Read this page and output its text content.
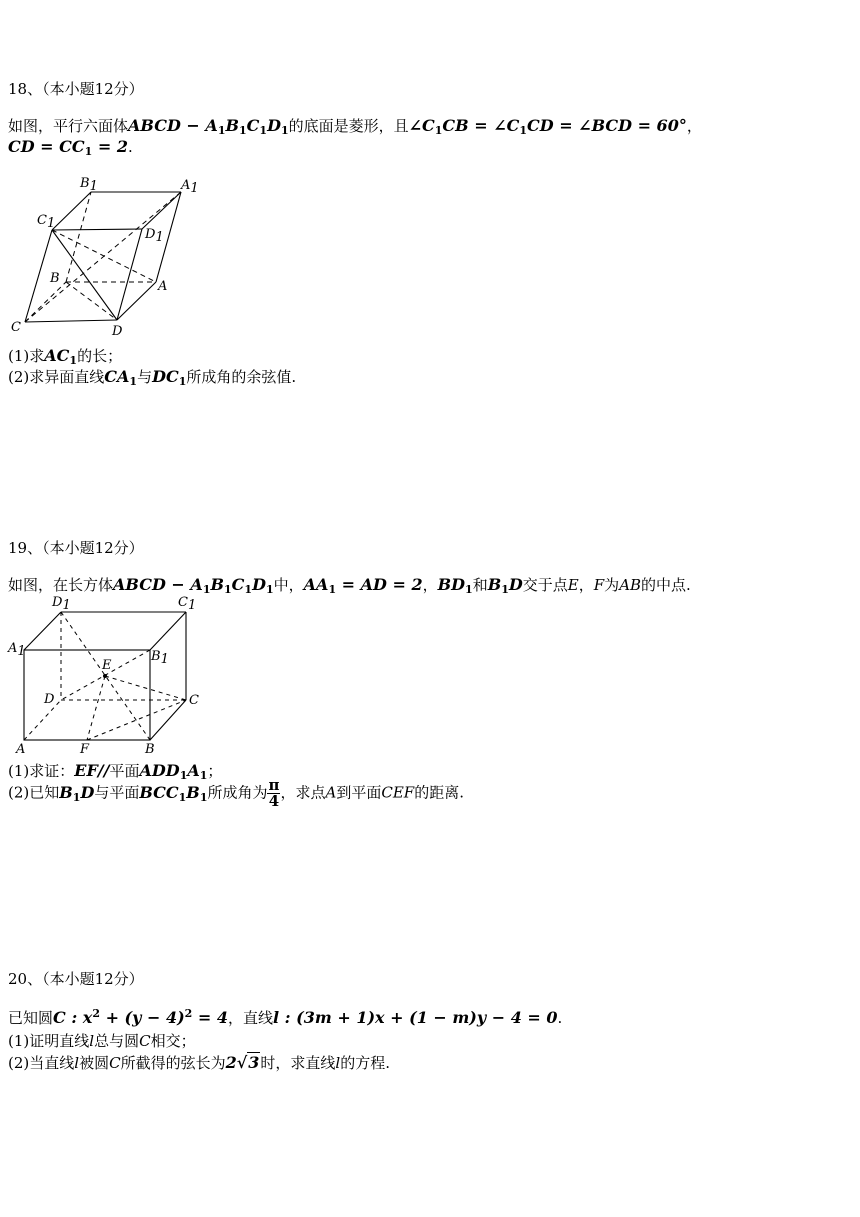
18、（本小题12分）
如图，平行六面体ABCD − $A_1B_1C_1D_1$的底面是菱形，且$\angle C_1CB$ = $\angle C_1CD$ = ∠BCD = 60°，
CD = $CC_1 = 2$.
B1	A1
C1
D1
B
A
C	D
(1)求$AC_1$的长；
(2)求异面直线$CA_1$与$DC_1$所成角的余弦值.
19、（本小题12分）
如图，在长方体ABCD − $A_1B_1C_1D_1$中，$AA_1$ = AD = 2，$BD_1$和$B_1D$交于点E，F为AB的中点.
D1	C1
A1	B1
E
D	C
A	F	B
(1)求证：EF//平面$ADD_1A_1$；
(2)已知$B_1D$与平面$BCC_1B_1$所成角为 $\frac{\pi}{4}$ ，求点A到平面CEF的距离.
20、（本小题12分）
已知圆C : $x^2 + (y - 4)^2 = 4$，直线l : (3m + 1)x + (1 − m)y − 4 = 0.
(1)证明直线l总与圆C相交；
(2)当直线l被圆C所截得的弦长为2√3时，求直线l的方程.
